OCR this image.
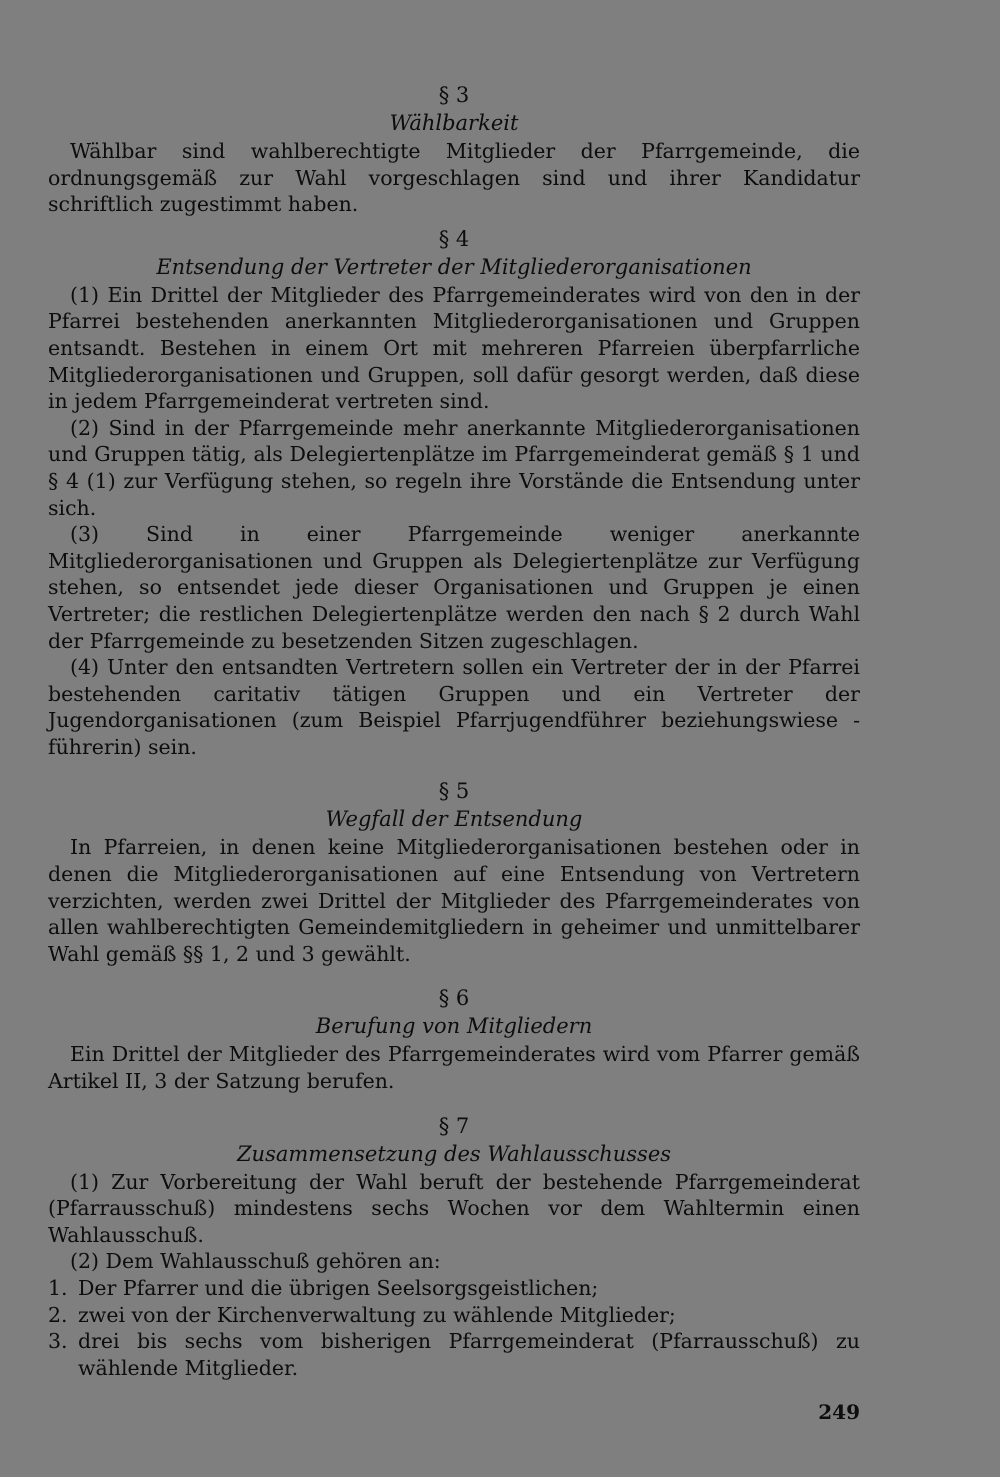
§ 3
Wählbarkeit

Wählbar sind wahlberechtigte Mitglieder der Pfarrgemeinde, die ordnungsgemäß zur Wahl vorgeschlagen sind und ihrer Kandidatur schriftlich zugestimmt haben.

§ 4
Entsendung der Vertreter der Mitgliederorganisationen

(1) Ein Drittel der Mitglieder des Pfarrgemeinderates wird von den in der Pfarrei bestehenden anerkannten Mitgliederorganisationen und Gruppen entsandt. Bestehen in einem Ort mit mehreren Pfarreien überpfarrliche Mitgliederorganisationen und Gruppen, soll dafür gesorgt werden, daß diese in jedem Pfarrgemeinderat vertreten sind.

(2) Sind in der Pfarrgemeinde mehr anerkannte Mitgliederorganisationen und Gruppen tätig, als Delegiertenplätze im Pfarrgemeinderat gemäß § 1 und § 4 (1) zur Verfügung stehen, so regeln ihre Vorstände die Entsendung unter sich.

(3) Sind in einer Pfarrgemeinde weniger anerkannte Mitgliederorganisationen und Gruppen als Delegiertenplätze zur Verfügung stehen, so entsendet jede dieser Organisationen und Gruppen je einen Vertreter; die restlichen Delegiertenplätze werden den nach § 2 durch Wahl der Pfarrgemeinde zu besetzenden Sitzen zugeschlagen.

(4) Unter den entsandten Vertretern sollen ein Vertreter der in der Pfarrei bestehenden caritativ tätigen Gruppen und ein Vertreter der Jugendorganisationen (zum Beispiel Pfarrjugendführer beziehungswiese -führerin) sein.

§ 5
Wegfall der Entsendung

In Pfarreien, in denen keine Mitgliederorganisationen bestehen oder in denen die Mitgliederorganisationen auf eine Entsendung von Vertretern verzichten, werden zwei Drittel der Mitglieder des Pfarrgemeinderates von allen wahlberechtigten Gemeindemitgliedern in geheimer und unmittelbarer Wahl gemäß §§ 1, 2 und 3 gewählt.

§ 6
Berufung von Mitgliedern

Ein Drittel der Mitglieder des Pfarrgemeinderates wird vom Pfarrer gemäß Artikel II, 3 der Satzung berufen.

§ 7
Zusammensetzung des Wahlausschusses

(1) Zur Vorbereitung der Wahl beruft der bestehende Pfarrgemeinderat (Pfarrausschuß) mindestens sechs Wochen vor dem Wahltermin einen Wahlausschuß.

(2) Dem Wahlausschuß gehören an:

1. Der Pfarrer und die übrigen Seelsorgsgeistlichen;
2. zwei von der Kirchenverwaltung zu wählende Mitglieder;
3. drei bis sechs vom bisherigen Pfarrgemeinderat (Pfarrausschuß) zu wählende Mitglieder.
249
